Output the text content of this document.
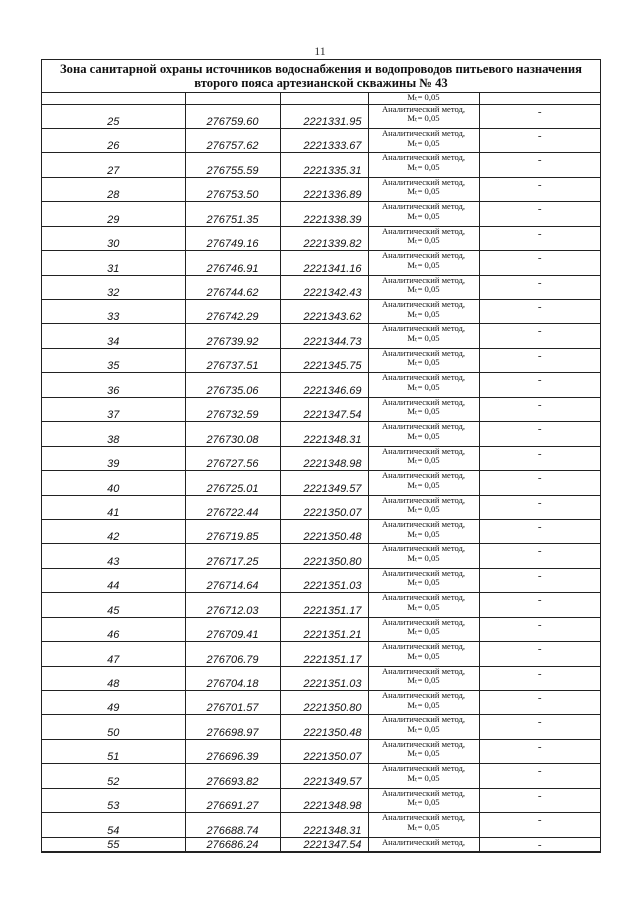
11
Зона санитарной охраны источников водоснабжения и водопроводов питьевого назначения второго пояса артезианской скважины № 43

			Mₜ= 0,05	

25	276759.60	2221331.95	Аналитический метод,
Mₜ= 0,05	-
26	276757.62	2221333.67	Аналитический метод,
Mₜ= 0,05	-
27	276755.59	2221335.31	Аналитический метод,
Mₜ= 0,05	-
28	276753.50	2221336.89	Аналитический метод,
Mₜ= 0,05	-
29	276751.35	2221338.39	Аналитический метод,
Mₜ= 0,05	-
30	276749.16	2221339.82	Аналитический метод,
Mₜ= 0,05	-
31	276746.91	2221341.16	Аналитический метод,
Mₜ= 0,05	-
32	276744.62	2221342.43	Аналитический метод,
Mₜ= 0,05	-
33	276742.29	2221343.62	Аналитический метод,
Mₜ= 0,05	-
34	276739.92	2221344.73	Аналитический метод,
Mₜ= 0,05	-
35	276737.51	2221345.75	Аналитический метод,
Mₜ= 0,05	-
36	276735.06	2221346.69	Аналитический метод,
Mₜ= 0,05	-
37	276732.59	2221347.54	Аналитический метод,
Mₜ= 0,05	-
38	276730.08	2221348.31	Аналитический метод,
Mₜ= 0,05	-
39	276727.56	2221348.98	Аналитический метод,
Mₜ= 0,05	-
40	276725.01	2221349.57	Аналитический метод,
Mₜ= 0,05	-
41	276722.44	2221350.07	Аналитический метод,
Mₜ= 0,05	-
42	276719.85	2221350.48	Аналитический метод,
Mₜ= 0,05	-
43	276717.25	2221350.80	Аналитический метод,
Mₜ= 0,05	-
44	276714.64	2221351.03	Аналитический метод,
Mₜ= 0,05	-
45	276712.03	2221351.17	Аналитический метод,
Mₜ= 0,05	-
46	276709.41	2221351.21	Аналитический метод,
Mₜ= 0,05	-
47	276706.79	2221351.17	Аналитический метод,
Mₜ= 0,05	-
48	276704.18	2221351.03	Аналитический метод,
Mₜ= 0,05	-
49	276701.57	2221350.80	Аналитический метод,
Mₜ= 0,05	-
50	276698.97	2221350.48	Аналитический метод,
Mₜ= 0,05	-
51	276696.39	2221350.07	Аналитический метод,
Mₜ= 0,05	-
52	276693.82	2221349.57	Аналитический метод,
Mₜ= 0,05	-
53	276691.27	2221348.98	Аналитический метод,
Mₜ= 0,05	-
54	276688.74	2221348.31	Аналитический метод,
Mₜ= 0,05	-
55	276686.24	2221347.54	Аналитический метод,	-
